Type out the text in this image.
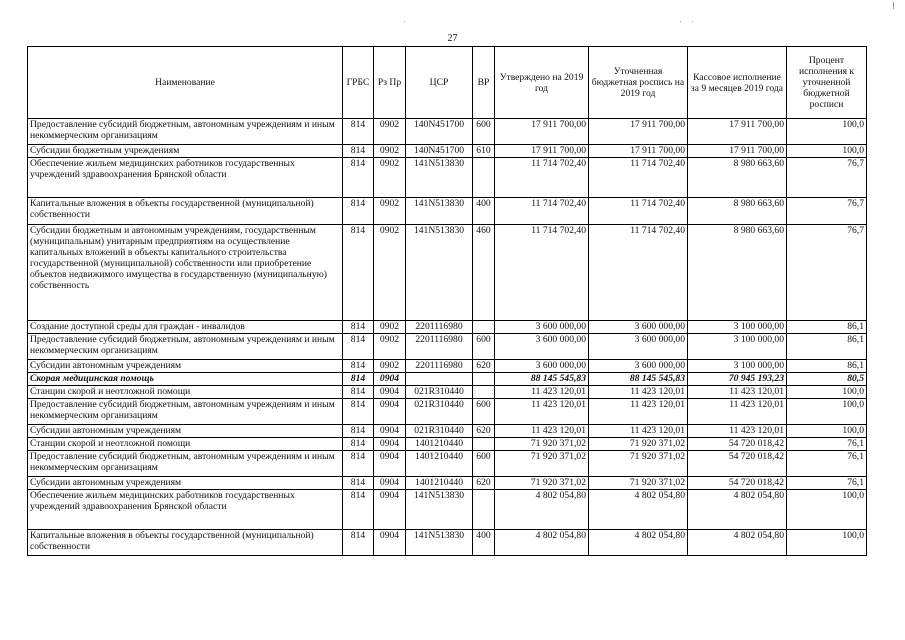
27
Наименование	ГРБС	Рз Пр	ЦСР	ВР	Утверждено на 2019 год	Уточненная бюджетная роспись на 2019 год	Кассовое исполнение за 9 месяцев 2019 года	Процент исполнения к уточненной бюджетной росписи
Предоставление субсидий бюджетным, автономным учреждениям и иным некоммерческим организациям	814	0902	140N451700	600	17 911 700,00	17 911 700,00	17 911 700,00	100,0
Субсидии бюджетным учреждениям	814	0902	140N451700	610	17 911 700,00	17 911 700,00	17 911 700,00	100,0
Обеспечение жильем медицинских работников государственных учреждений здравоохранения Брянской области	814	0902	141N513830		11 714 702,40	11 714 702,40	8 980 663,60	76,7
Капитальные вложения в объекты государственной (муниципальной) собственности	814	0902	141N513830	400	11 714 702,40	11 714 702,40	8 980 663,60	76,7
Субсидии бюджетным и автономным учреждениям, государственным (муниципальным) унитарным предприятиям на осуществление капитальных вложений в объекты капитального строительства государственной (муниципальной) собственности или приобретение объектов недвижимого имущества в государственную (муниципальную) собственность	814	0902	141N513830	460	11 714 702,40	11 714 702,40	8 980 663,60	76,7
Создание доступной среды для граждан - инвалидов	814	0902	2201116980		3 600 000,00	3 600 000,00	3 100 000,00	86,1
Предоставление субсидий бюджетным, автономным учреждениям и иным некоммерческим организациям	814	0902	2201116980	600	3 600 000,00	3 600 000,00	3 100 000,00	86,1
Субсидии автономным учреждениям	814	0902	2201116980	620	3 600 000,00	3 600 000,00	3 100 000,00	86,1
Скорая медицинская помощь	814	0904			88 145 545,83	88 145 545,83	70 945 193,23	80,5
Станции скорой и неотложной помощи	814	0904	021R310440		11 423 120,01	11 423 120,01	11 423 120,01	100,0
Предоставление субсидий бюджетным, автономным учреждениям и иным некоммерческим организациям	814	0904	021R310440	600	11 423 120,01	11 423 120,01	11 423 120,01	100,0
Субсидии автономным учреждениям	814	0904	021R310440	620	11 423 120,01	11 423 120,01	11 423 120,01	100,0
Станции скорой и неотложной помощи	814	0904	1401210440		71 920 371,02	71 920 371,02	54 720 018,42	76,1
Предоставление субсидий бюджетным, автономным учреждениям и иным некоммерческим организациям	814	0904	1401210440	600	71 920 371,02	71 920 371,02	54 720 018,42	76,1
Субсидии автономным учреждениям	814	0904	1401210440	620	71 920 371,02	71 920 371,02	54 720 018,42	76,1
Обеспечение жильем медицинских работников государственных учреждений здравоохранения Брянской области	814	0904	141N513830		4 802 054,80	4 802 054,80	4 802 054,80	100,0
Капитальные вложения в объекты государственной (муниципальной) собственности	814	0904	141N513830	400	4 802 054,80	4 802 054,80	4 802 054,80	100,0
